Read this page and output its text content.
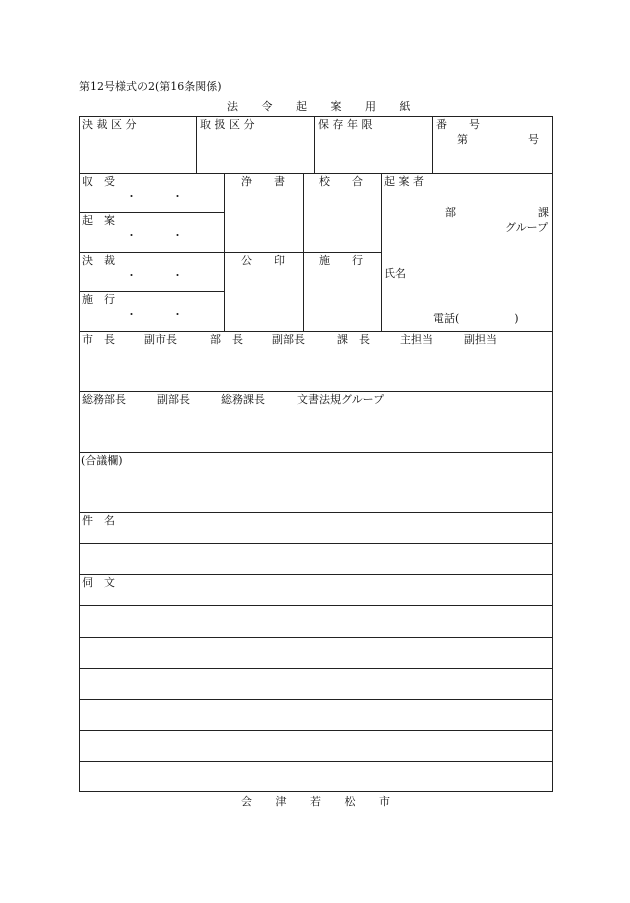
第12号様式の2(第16条関係)
法　　令　　起　　案　　用　　紙
決 裁 区 分	取 扱 区 分	保 存 年 限	番　　号
第	号
収　受
・	・
起　案
・	・
決　裁
・	・
施　行
・	・
浄　　書	校　　合
公　　印	施　　行
起 案 者
部	課
グループ
氏名
電話(　　　　　)
市　長	副市長	部　長	副部長	課　長	主担当	副担当
総務部長	副部長	総務課長	文書法規グループ
(合議欄)
件　名
伺　文
会　　津　　若　　松　　市
